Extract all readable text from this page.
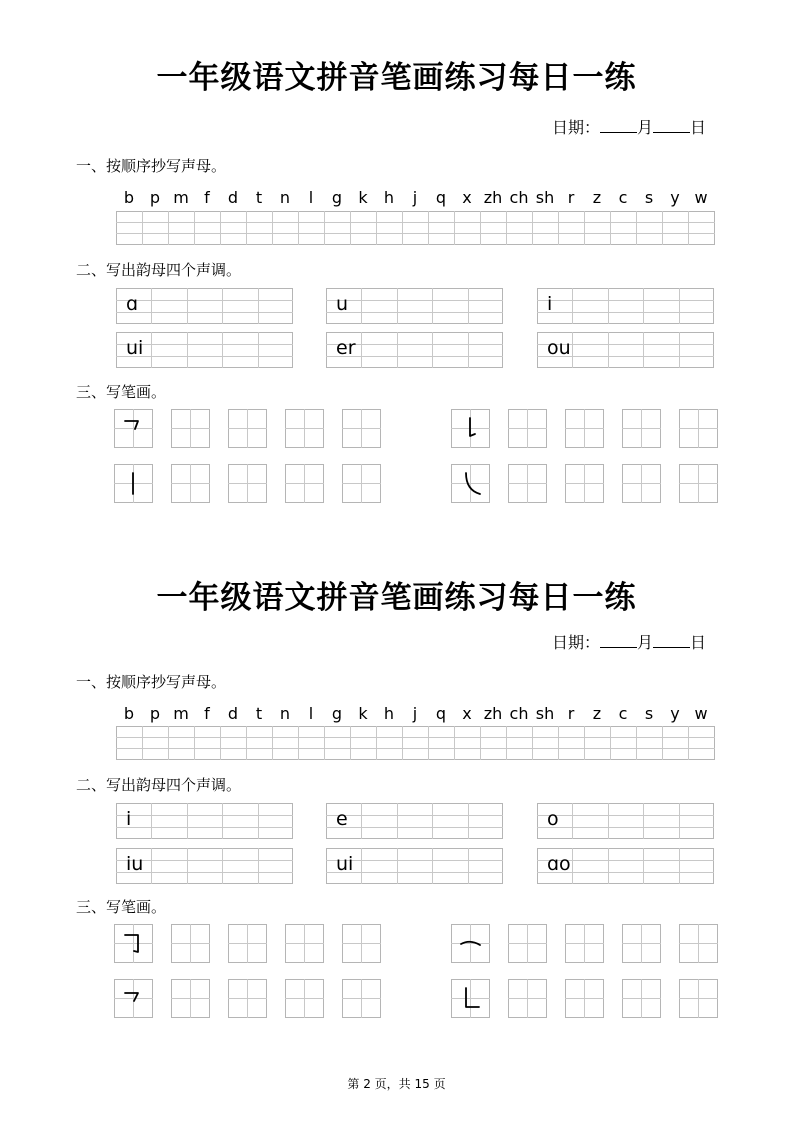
一年级语文拼音笔画练习每日一练
日期： 月 日
一、按顺序抄写声母。
b p m f	d	t	n	l	g	k	h	j	q	x zh ch sh r	z	c	s	y w
二、写出韵母四个声调。
ɑ	u	i
ui	er	ou
三、写笔画。
一年级语文拼音笔画练习每日一练
日期： 月 日
一、按顺序抄写声母。
b p m f	d	t	n	l	g	k	h	j	q	x zh ch sh r	z	c	s	y w
二、写出韵母四个声调。
i	e	o
iu	ui	ɑo
三、写笔画。
第 2 页，共 15 页
